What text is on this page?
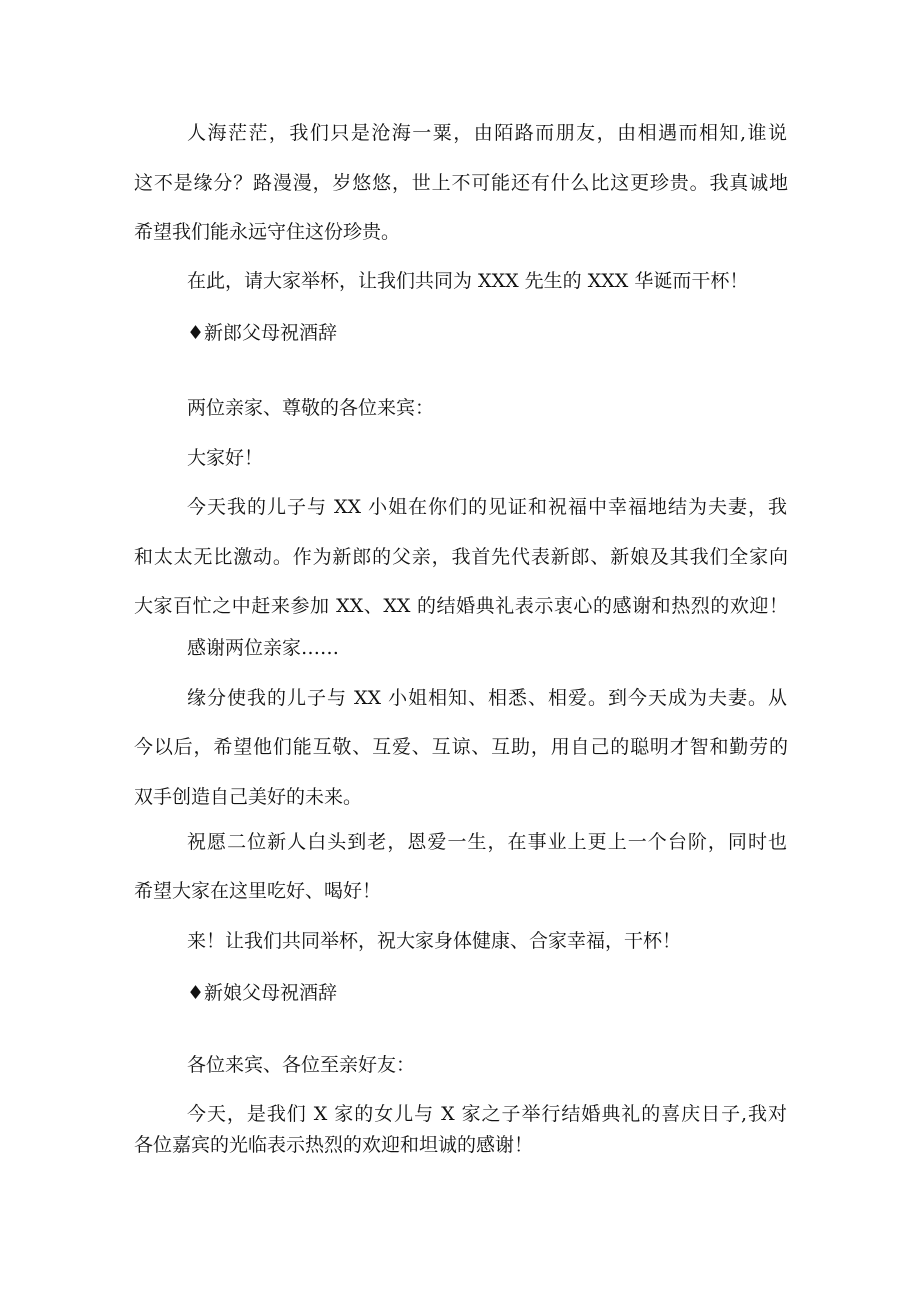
人海茫茫，我们只是沧海一粟，由陌路而朋友，由相遇而相知,谁说
这不是缘分？路漫漫，岁悠悠，世上不可能还有什么比这更珍贵。我真诚地
希望我们能永远守住这份珍贵。
在此，请大家举杯，让我们共同为 XXX 先生的 XXX 华诞而干杯！
♦新郎父母祝酒辞
两位亲家、尊敬的各位来宾：
大家好！
今天我的儿子与 XX 小姐在你们的见证和祝福中幸福地结为夫妻，我
和太太无比激动。作为新郎的父亲，我首先代表新郎、新娘及其我们全家向
大家百忙之中赶来参加 XX、XX 的结婚典礼表示衷心的感谢和热烈的欢迎！
感谢两位亲家……
缘分使我的儿子与 XX 小姐相知、相悉、相爱。到今天成为夫妻。从
今以后，希望他们能互敬、互爱、互谅、互助，用自己的聪明才智和勤劳的
双手创造自己美好的未来。
祝愿二位新人白头到老，恩爱一生，在事业上更上一个台阶，同时也
希望大家在这里吃好、喝好！
来！让我们共同举杯，祝大家身体健康、合家幸福，干杯！
♦新娘父母祝酒辞
各位来宾、各位至亲好友：
今天，是我们 X 家的女儿与 X 家之子举行结婚典礼的喜庆日子,我对
各位嘉宾的光临表示热烈的欢迎和坦诚的感谢！
